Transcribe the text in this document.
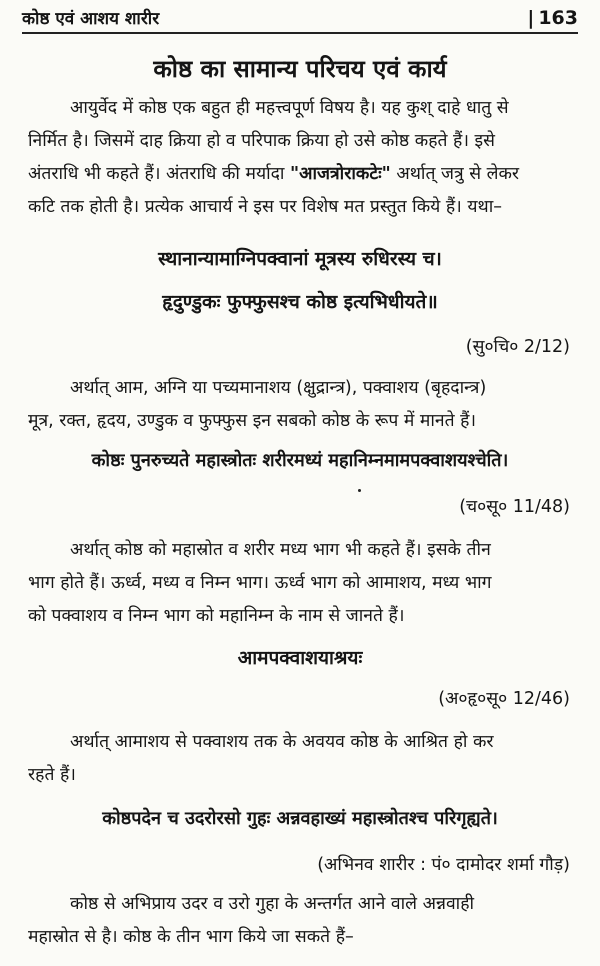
कोष्ठ एवं आशय शारीर	| 163
कोष्ठ का सामान्य परिचय एवं कार्य
आयुर्वेद में कोष्ठ एक बहुत ही महत्त्वपूर्ण विषय है। यह कुश् दाहे धातु से
निर्मित है। जिसमें दाह क्रिया हो व परिपाक क्रिया हो उसे कोष्ठ कहते हैं। इसे
अंतराधि भी कहते हैं। अंतराधि की मर्यादा "आजत्रोराकटेः" अर्थात् जत्रु से लेकर
कटि तक होती है। प्रत्येक आचार्य ने इस पर विशेष मत प्रस्तुत किये हैं। यथा–

स्थानान्यामाग्निपक्वानां मूत्रस्य रुधिरस्य च।

हृदुण्डुकः फुफ्फुसश्च कोष्ठ इत्यभिधीयते॥

(सु०चि० 2/12)

अर्थात् आम, अग्नि या पच्यमानाशय (क्षुद्रान्त्र), पक्वाशय (बृहदान्त्र)
मूत्र, रक्त, हृदय, उण्डुक व फुफ्फुस इन सबको कोष्ठ के रूप में मानते हैं।

कोष्ठः पुनरुच्यते महास्त्रोतः शरीरमध्यं महानिम्नमामपक्वाशयश्चेति।

(च०सू० 11/48)

अर्थात् कोष्ठ को महास्रोत व शरीर मध्य भाग भी कहते हैं। इसके तीन
भाग होते हैं। ऊर्ध्व, मध्य व निम्न भाग। ऊर्ध्व भाग को आमाशय, मध्य भाग
को पक्वाशय व निम्न भाग को महानिम्न के नाम से जानते हैं।

आमपक्वाशयाश्रयः

(अ०हृ०सू० 12/46)

अर्थात् आमाशय से पक्वाशय तक के अवयव कोष्ठ के आश्रित हो कर
रहते हैं।

कोष्ठपदेन च उदरोरसो गुहः अन्नवहाख्यं महास्त्रोतश्च परिगृह्यते।

(अभिनव शारीर : पं० दामोदर शर्मा गौड़)

कोष्ठ से अभिप्राय उदर व उरो गुहा के अन्तर्गत आने वाले अन्नवाही
महास्रोत से है। कोष्ठ के तीन भाग किये जा सकते हैं–
